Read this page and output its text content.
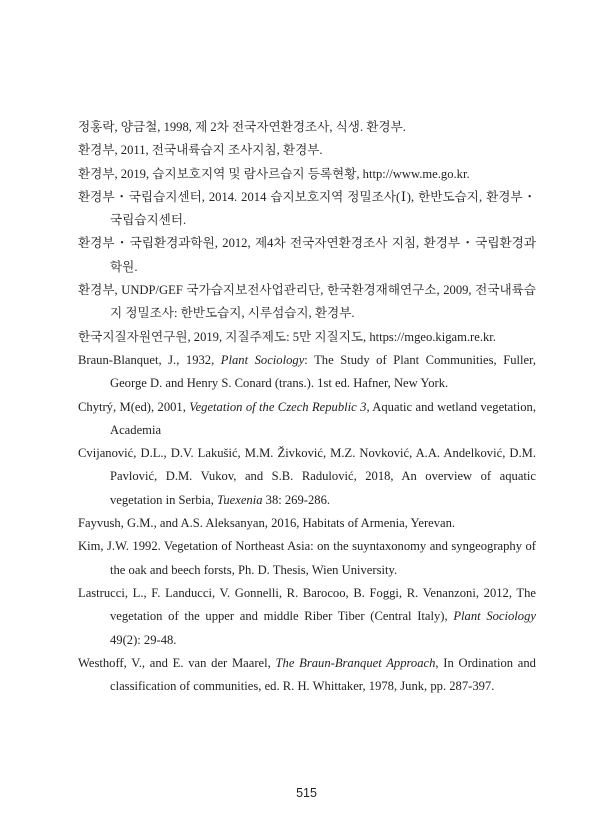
정홍락, 양금철, 1998, 제 2차 전국자연환경조사, 식생. 환경부.

환경부, 2011, 전국내륙습지 조사지침, 환경부.

환경부, 2019, 습지보호지역 및 람사르습지 등록현황, http://www.me.go.kr.

환경부・국립습지센터, 2014. 2014 습지보호지역 정밀조사(Ⅰ), 한반도습지, 환경부・국립습지센터.

환경부・국립환경과학원, 2012, 제4차 전국자연환경조사 지침, 환경부・국립환경과학원.

환경부, UNDP/GEF 국가습지보전사업관리단, 한국환경재해연구소, 2009, 전국내륙습지 정밀조사: 한반도습지, 시루섬습지, 환경부.

한국지질자원연구원, 2019, 지질주제도: 5만 지질지도, https://mgeo.kigam.re.kr.

Braun-Blanquet, J., 1932, Plant Sociology: The Study of Plant Communities, Fuller, George D. and Henry S. Conard (trans.). 1st ed. Hafner, New York.

Chytrý, M(ed), 2001, Vegetation of the Czech Republic 3, Aquatic and wetland vegetation, Academia

Cvijanović, D.L., D.V. Lakušić, M.M. Živković, M.Z. Novković, A.A. Andelković, D.M. Pavlović, D.M. Vukov, and S.B. Radulović, 2018, An overview of aquatic vegetation in Serbia, Tuexenia 38: 269-286.

Fayvush, G.M., and A.S. Aleksanyan, 2016, Habitats of Armenia, Yerevan.

Kim, J.W. 1992. Vegetation of Northeast Asia: on the suyntaxonomy and syngeography of the oak and beech forsts, Ph. D. Thesis, Wien University.

Lastrucci, L., F. Landucci, V. Gonnelli, R. Barocoo, B. Foggi, R. Venanzoni, 2012, The vegetation of the upper and middle Riber Tiber (Central Italy), Plant Sociology 49(2): 29-48.

Westhoff, V., and E. van der Maarel, The Braun-Branquet Approach, In Ordination and classification of communities, ed. R. H. Whittaker, 1978, Junk, pp. 287-397.

515
